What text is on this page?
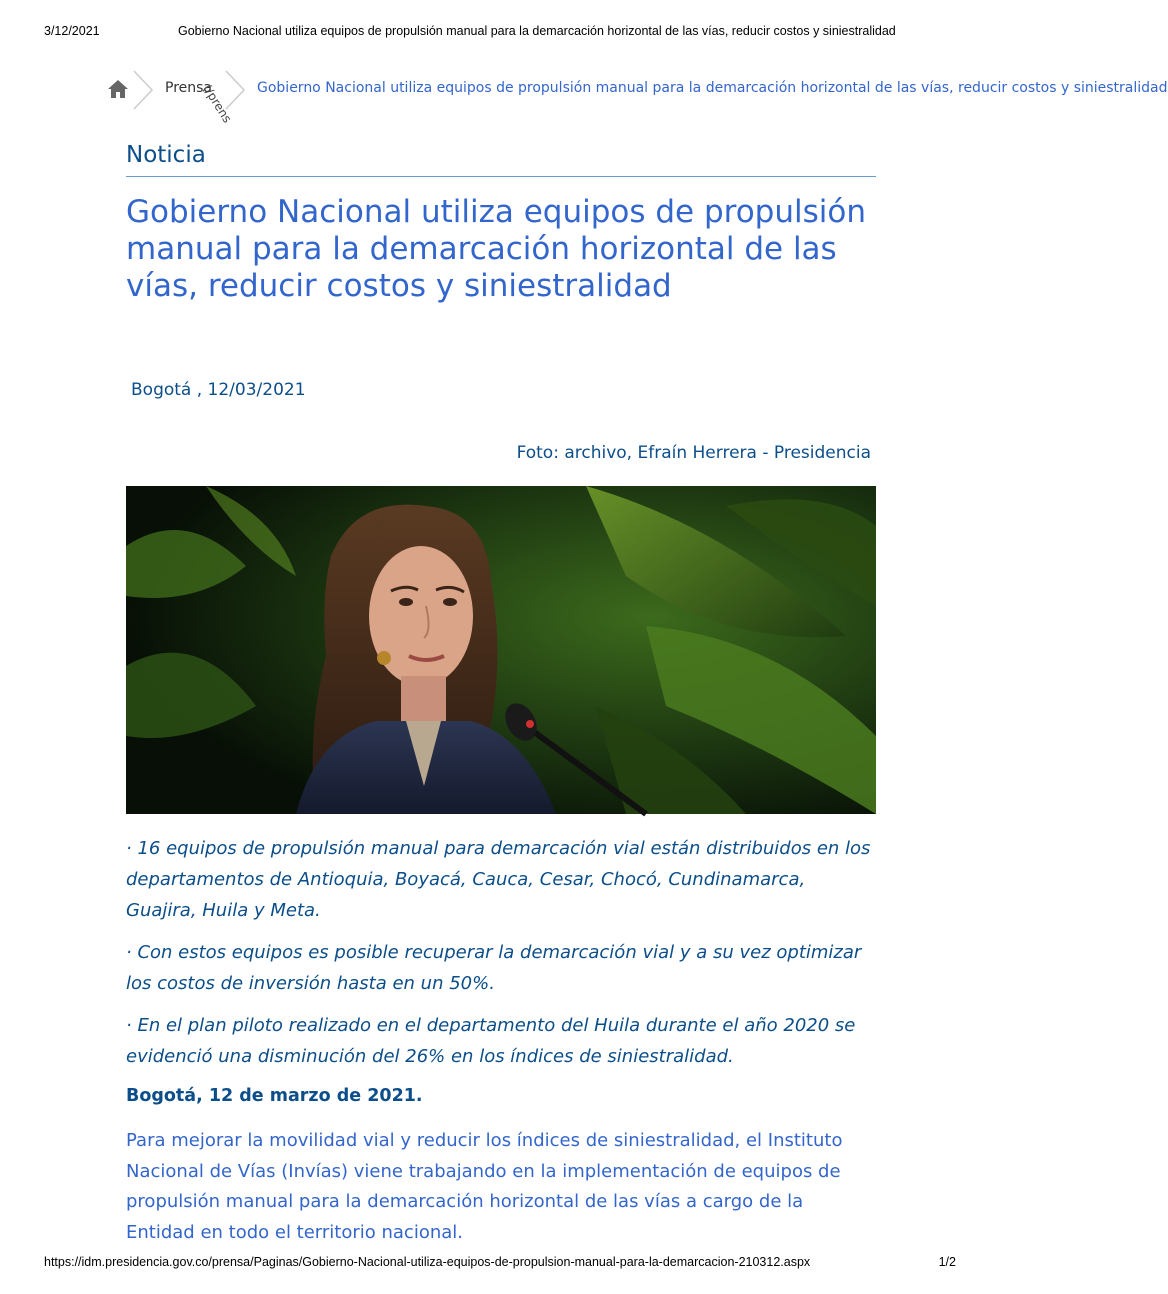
3/12/2021	Gobierno Nacional utiliza equipos de propulsión manual para la demarcación horizontal de las vías, reducir costos y siniestralidad
Prensa
(/prens Gobierno Nacional utiliza equipos de propulsión manual para la demarcación horizontal de las vías, reducir costos y siniestralidad
Noticia
Gobierno Nacional utiliza equipos de propulsión manual para la demarcación horizontal de las vías, reducir costos y siniestralidad
Bogotá , 12/03/2021
Foto: archivo, Efraín Herrera - Presidencia
· 16 equipos de propulsión manual para demarcación vial están distribuidos en los departamentos de Antioquia, Boyacá, Cauca, Cesar, Chocó, Cundinamarca, Guajira, Huila y Meta.
· Con estos equipos es posible recuperar la demarcación vial y a su vez optimizar los costos de inversión hasta en un 50%.
· En el plan piloto realizado en el departamento del Huila durante el año 2020 se evidenció una disminución del 26% en los índices de siniestralidad.
Bogotá, 12 de marzo de 2021.

Para mejorar la movilidad vial y reducir los índices de siniestralidad, el Instituto Nacional de Vías (Invías) viene trabajando en la implementación de equipos de propulsión manual para la demarcación horizontal de las vías a cargo de la Entidad en todo el territorio nacional.

https://idm.presidencia.gov.co/prensa/Paginas/Gobierno-Nacional-utiliza-equipos-de-propulsion-manual-para-la-demarcacion-210312.aspx	1/2
